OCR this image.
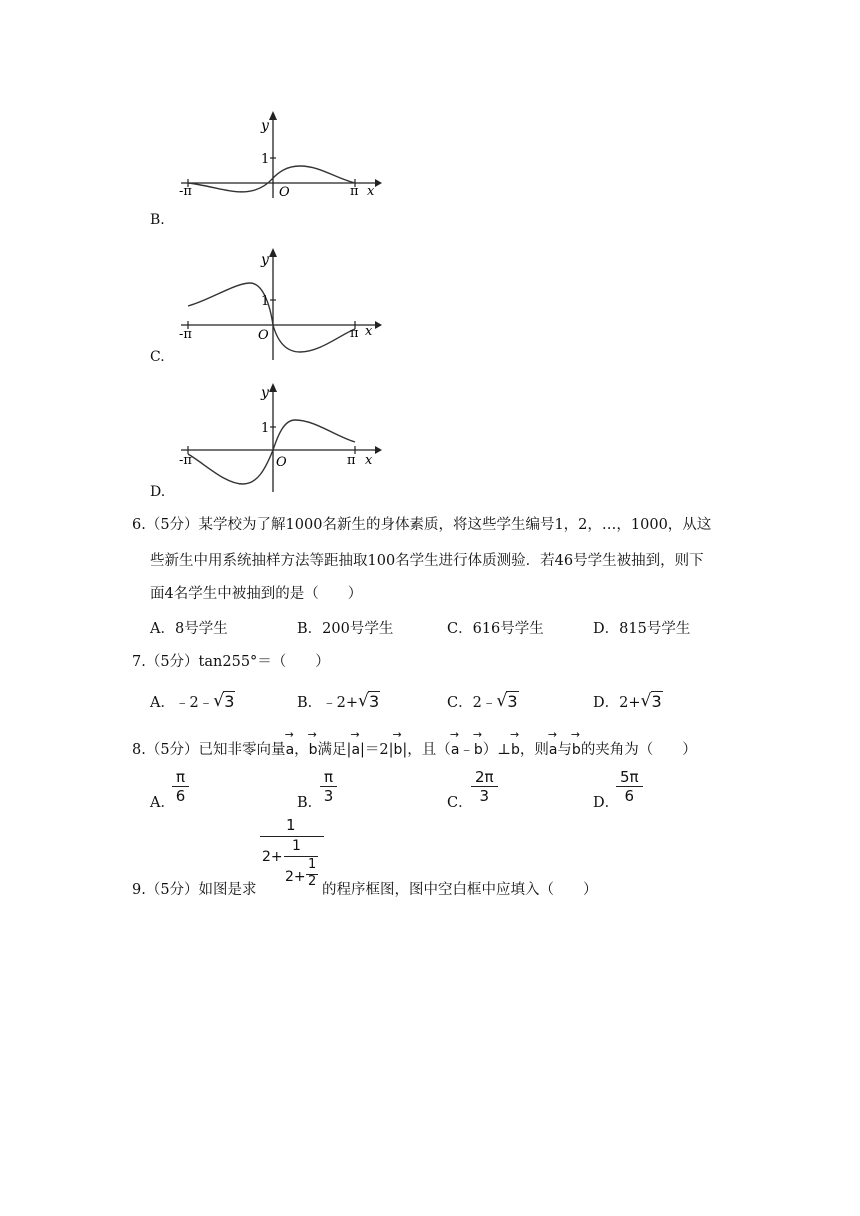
y
1
-π	π x
O
B.
y
1
-π	π x
O
C.
y
1
-π	π x
O
D.
6.（5分）某学校为了解1000名新生的身体素质，将这些学生编号1，2，…，1000，从这
些新生中用系统抽样方法等距抽取100名学生进行体质测验．若46号学生被抽到，则下
面4名学生中被抽到的是（　　）
A．8号学生	B．200号学生	C．616号学生	D．815号学生
7.（5分）tan255°＝（　　）
A．﹣2﹣ √ 3	B．﹣2+ √ 3	C．2﹣ √ 3	D．2+ √ 3
8.（5分）已知非零向量→ a，→ b满足|→ a|＝2|→ b|，且（→ a﹣→ b）⊥→ b，则→ a与→ b的夹角为（　　）
A．
π
6	B．
π
3	C．
2π
3	D．
5π
6
9.（5分）如图是求
1
2+
1
2+
1
2
的程序框图，图中空白框中应填入（　　）
